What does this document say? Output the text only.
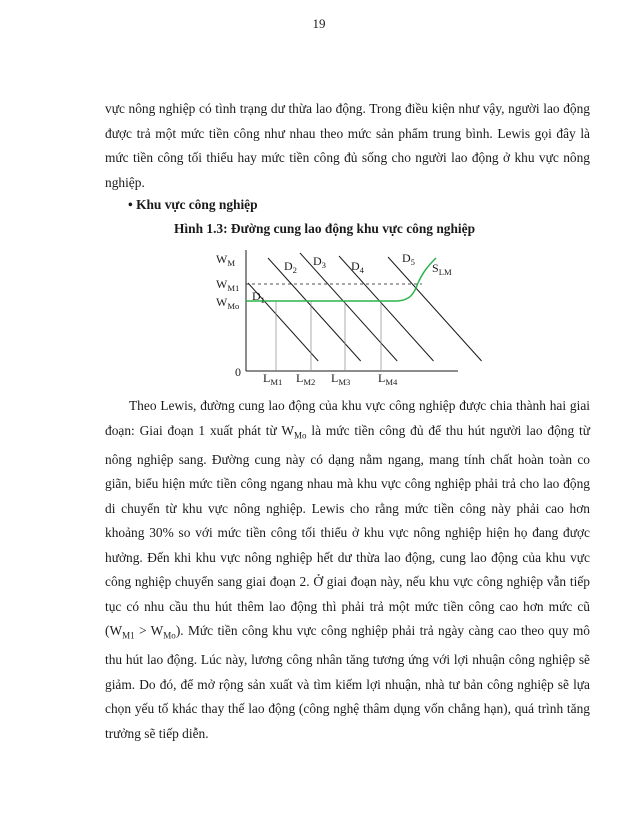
19

vực nông nghiệp có tình trạng dư thừa lao động. Trong điều kiện như vậy, người lao động được trả một mức tiền công như nhau theo mức sản phẩm trung bình. Lewis gọi đây là mức tiền công tối thiểu hay mức tiền công đủ sống cho người lao động ở khu vực nông nghiệp.

• Khu vực công nghiệp
Hình 1.3: Đường cung lao động khu vực công nghiệp
$W_M$
$W_{M1}$
$W_{Mo}$
0 $L_{M1}$ $L_{M2}$ $L_{M3}$ $L_{M4}$
$D_1$
$D_2$
$D_3$ $D_4$
$D_5$ $S_{LM}$

Theo Lewis, đường cung lao động của khu vực công nghiệp được chia thành hai giai đoạn: Giai đoạn 1 xuất phát từ $W_{Mo}$ là mức tiền công đủ để thu hút người lao động từ nông nghiệp sang. Đường cung này có dạng nằm ngang, mang tính chất hoàn toàn co giãn, biểu hiện mức tiền công ngang nhau mà khu vực công nghiệp phải trả cho lao động di chuyển từ khu vực nông nghiệp. Lewis cho rằng mức tiền công này phải cao hơn khoảng 30% so với mức tiền công tối thiểu ở khu vực nông nghiệp hiện họ đang được hưởng. Đến khi khu vực nông nghiệp hết dư thừa lao động, cung lao động của khu vực công nghiệp chuyển sang giai đoạn 2. Ở giai đoạn này, nếu khu vực công nghiệp vẫn tiếp tục có nhu cầu thu hút thêm lao động thì phải trả một mức tiền công cao hơn mức cũ $(W_{M1} > W_{Mo})$. Mức tiền công khu vực công nghiệp phải trả ngày càng cao theo quy mô thu hút lao động. Lúc này, lương công nhân tăng tương ứng với lợi nhuận công nghiệp sẽ giảm. Do đó, để mở rộng sản xuất và tìm kiếm lợi nhuận, nhà tư bản công nghiệp sẽ lựa chọn yếu tố khác thay thế lao động (công nghệ thâm dụng vốn chẳng hạn), quá trình tăng trưởng sẽ tiếp diễn.
